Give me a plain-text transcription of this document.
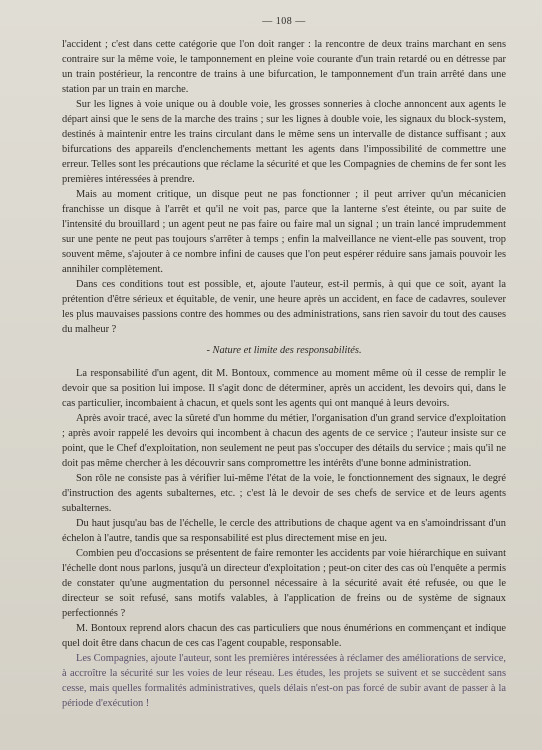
— 108 —

l'accident ; c'est dans cette catégorie que l'on doit ranger : la rencontre de deux trains marchant en sens contraire sur la même voie, le tamponnement en pleine voie courante d'un train retardé ou en détresse par un train postérieur, la rencontre de trains à une bifurcation, le tamponnement d'un train arrêté dans une station par un train en marche.

Sur les lignes à voie unique ou à double voie, les grosses sonneries à cloche annoncent aux agents le départ ainsi que le sens de la marche des trains ; sur les lignes à double voie, les signaux du block-system, destinés à maintenir entre les trains circulant dans le même sens un intervalle de distance suffisant ; aux bifurcations des appareils d'enclenchements mettant les agents dans l'impossibilité de commettre une erreur. Telles sont les précautions que réclame la sécurité et que les Compagnies de chemins de fer sont les premières intéressées à prendre.

Mais au moment critique, un disque peut ne pas fonctionner ; il peut arriver qu'un mécanicien franchisse un disque à l'arrêt et qu'il ne voit pas, parce que la lanterne s'est éteinte, ou par suite de l'intensité du brouillard ; un agent peut ne pas faire ou faire mal un signal ; un train lancé imprudemment sur une pente ne peut pas toujours s'arrêter à temps ; enfin la malveillance ne vient-elle pas souvent, trop souvent même, s'ajouter à ce nombre infini de causes que l'on peut espérer réduire sans jamais pouvoir les annihiler complètement.

Dans ces conditions tout est possible, et, ajoute l'auteur, est-il permis, à qui que ce soit, ayant la prétention d'être sérieux et équitable, de venir, une heure après un accident, en face de cadavres, soulever les plus mauvaises passions contre des hommes ou des administrations, sans rien savoir du tout des causes du malheur ?

- Nature et limite des responsabilités.

La responsabilité d'un agent, dit M. Bontoux, commence au moment même où il cesse de remplir le devoir que sa position lui impose. Il s'agit donc de déterminer, après un accident, les devoirs qui, dans le cas particulier, incombaient à chacun, et quels sont les agents qui ont manqué à leurs devoirs.

Après avoir tracé, avec la sûreté d'un homme du métier, l'organisation d'un grand service d'exploitation ; après avoir rappelé les devoirs qui incombent à chacun des agents de ce service ; l'auteur insiste sur ce point, que le Chef d'exploitation, non seulement ne peut pas s'occuper des détails du service ; mais qu'il ne doit pas même chercher à les découvrir sans compromettre les intérêts d'une bonne administration.

Son rôle ne consiste pas à vérifier lui-même l'état de la voie, le fonctionnement des signaux, le degré d'instruction des agents subalternes, etc. ; c'est là le devoir de ses chefs de service et de leurs agents subalternes.

Du haut jusqu'au bas de l'échelle, le cercle des attributions de chaque agent va en s'amoindrissant d'un échelon à l'autre, tandis que sa responsabilité est plus directement mise en jeu.

Combien peu d'occasions se présentent de faire remonter les accidents par voie hiérarchique en suivant l'échelle dont nous parlons, jusqu'à un directeur d'exploitation ; peut-on citer des cas où l'enquête a permis de constater qu'une augmentation du personnel nécessaire à la sécurité avait été refusée, ou que le directeur se soit refusé, sans motifs valables, à l'application de freins ou de système de signaux perfectionnés ?

M. Bontoux reprend alors chacun des cas particuliers que nous énumérions en commençant et indique quel doit être dans chacun de ces cas l'agent coupable, responsable.

Les Compagnies, ajoute l'auteur, sont les premières intéressées à réclamer des améliorations de service, à accroître la sécurité sur les voies de leur réseau. Les études, les projets se suivent et se succèdent sans cesse, mais quelles formalités administratives, quels délais n'est-on pas forcé de subir avant de passer à la période d'exécution !
